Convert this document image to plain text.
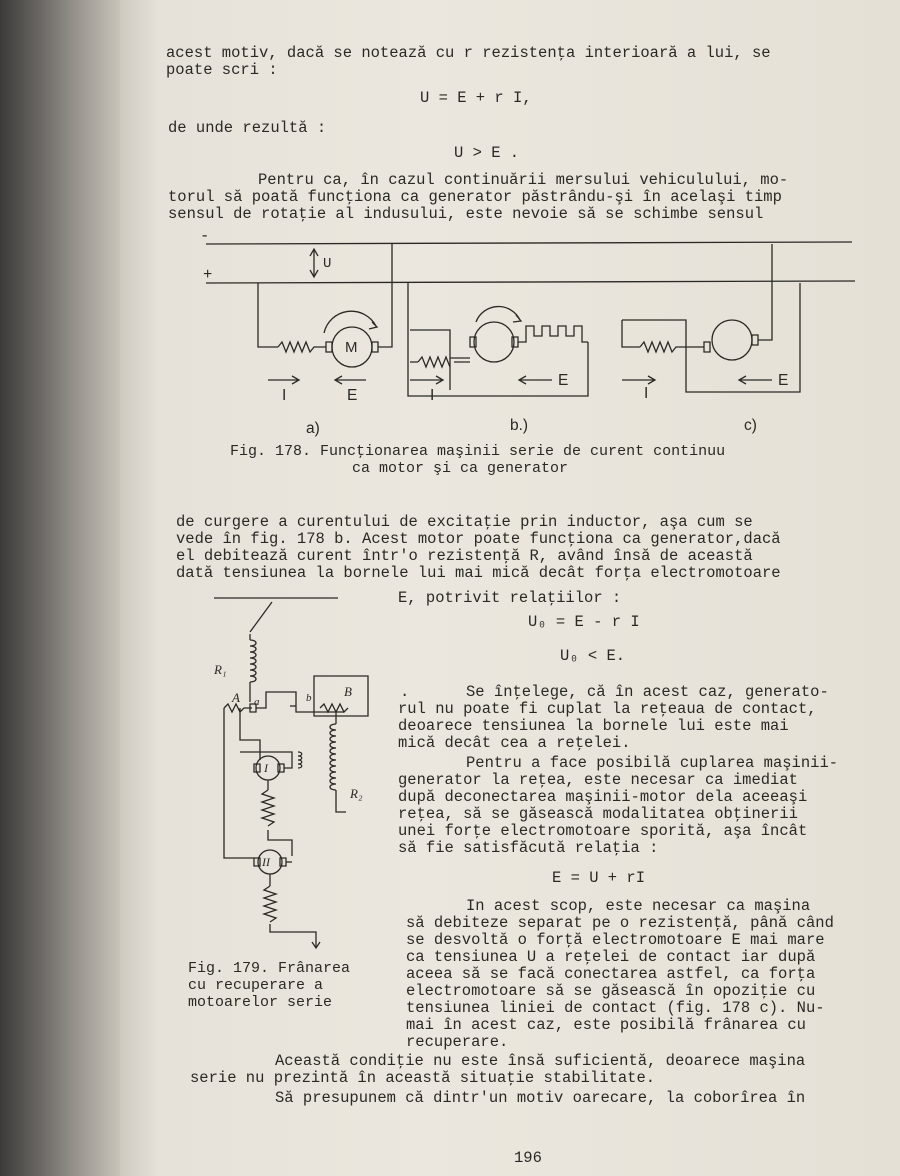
acest motiv, dacă se notează cu r rezistenţa interioară a lui, se
poate scri :
U = E + r I,
de unde rezultă :
U > E .
Pentru ca, în cazul continuării mersului vehiculului, mo-
torul să poată funcţiona ca generator păstrându-şi în acelaşi timp
sensul de rotaţie al indusului, este nevoie să se schimbe sensul
-
+
U
M
I	E	I
E
I
E
a)	b.)	c)
Fig. 178. Funcţionarea maşinii serie de curent continuu
ca motor şi ca generator
de curgere a curentului de excitaţie prin inductor, aşa cum se
vede în fig. 178 b. Acest motor poate funcţiona ca generator,dacă
el debitează curent într'o rezistenţă R, având însă de această
dată tensiunea la bornele lui mai mică decât forţa electromotoare
E, potrivit relaţiilor :
U₀ = E - r I
U₀ < E.
R₁
A a	b	B
R₂
I
II
Fig. 179. Frânarea
cu recuperare a
motoarelor serie
.	Se înţelege, că în acest caz, generato-
rul nu poate fi cuplat la reţeaua de contact,
deoarece tensiunea la bornele lui este mai
mică decât cea a reţelei.
Pentru a face posibilă cuplarea maşinii-
generator la reţea, este necesar ca imediat
după deconectarea maşinii-motor dela aceeaşi
reţea, să se găsească modalitatea obţinerii
unei forţe electromotoare sporită, aşa încât
să fie satisfăcută relaţia :
E = U + rI
In acest scop, este necesar ca maşina
să debiteze separat pe o rezistenţă, până când
se desvoltă o forţă electromotoare E mai mare
ca tensiunea U a reţelei de contact iar după
aceea să se facă conectarea astfel, ca forţa
electromotoare să se găsească în opoziţie cu
tensiunea liniei de contact (fig. 178 c). Nu-
mai în acest caz, este posibilă frânarea cu
recuperare.
Această condiţie nu este însă suficientă, deoarece maşina
serie nu prezintă în această situaţie stabilitate.
Să presupunem că dintr'un motiv oarecare, la coborîrea în
196
